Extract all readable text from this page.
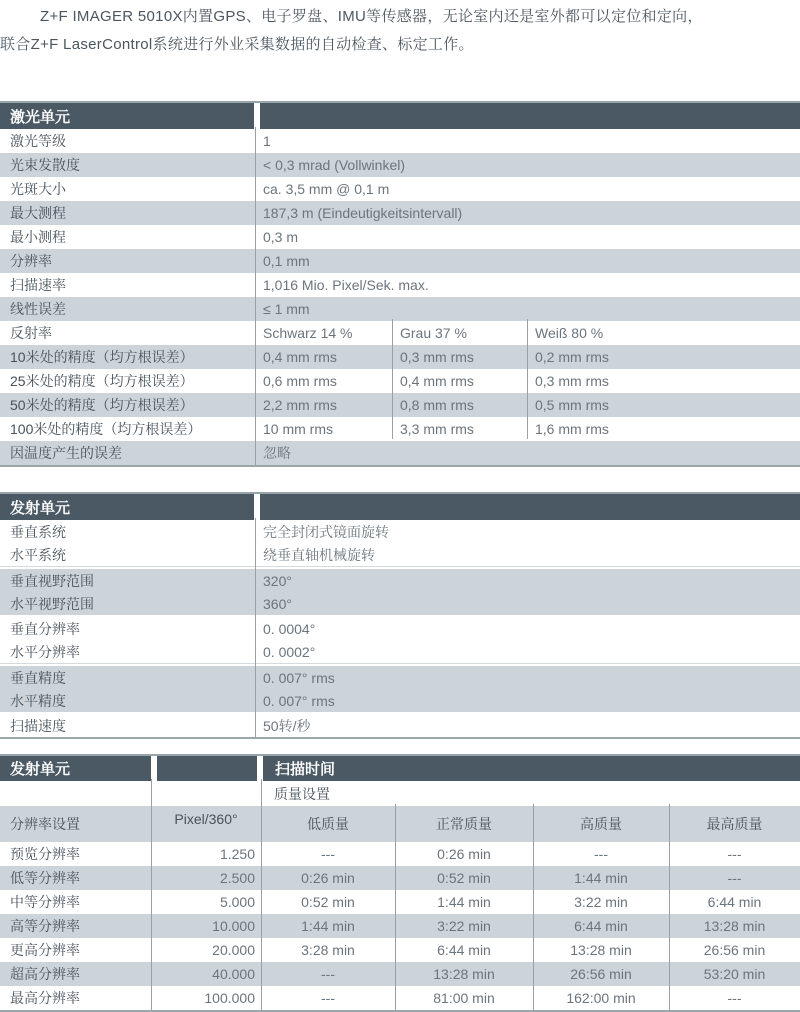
Z+F IMAGER 5010X内置GPS、电子罗盘、IMU等传感器，无论室内还是室外都可以定位和定向，
联合Z+F LaserControl系统进行外业采集数据的自动检查、标定工作。
激光单元
激光等级	1
光束发散度	< 0,3 mrad (Vollwinkel)
光斑大小	ca. 3,5 mm @ 0,1 m
最大测程	187,3 m (Eindeutigkeitsintervall)
最小测程	0,3 m
分辨率	0,1 mm
扫描速率	1,016 Mio. Pixel/Sek. max.
线性误差	≤ 1 mm
反射率	Schwarz 14 %	Grau 37 %	Weiß 80 %
10米处的精度（均方根误差）	0,4 mm rms	0,3 mm rms	0,2 mm rms
25米处的精度（均方根误差）	0,6 mm rms	0,4 mm rms	0,3 mm rms
50米处的精度（均方根误差）	2,2 mm rms	0,8 mm rms	0,5 mm rms
100米处的精度（均方根误差）	10 mm rms	3,3 mm rms	1,6 mm rms
因温度产生的误差	忽略
发射单元
垂直系统	完全封闭式镜面旋转
水平系统	绕垂直轴机械旋转
垂直视野范围	320°
水平视野范围	360°
垂直分辨率	0. 0004°
水平分辨率	0. 0002°
垂直精度	0. 007° rms
水平精度	0. 007° rms
扫描速度	50转/秒
发射单元	扫描时间
质量设置
分辨率设置	Pixel/360°	低质量	正常质量	高质量	最高质量
预览分辨率	1.250	---	0:26 min	---	---
低等分辨率	2.500	0:26 min	0:52 min	1:44 min	---
中等分辨率	5.000	0:52 min	1:44 min	3:22 min	6:44 min
高等分辨率	10.000	1:44 min	3:22 min	6:44 min	13:28 min
更高分辨率	20.000	3:28 min	6:44 min	13:28 min	26:56 min
超高分辨率	40.000	---	13:28 min	26:56 min	53:20 min
最高分辨率	100.000	---	81:00 min	162:00 min	---
